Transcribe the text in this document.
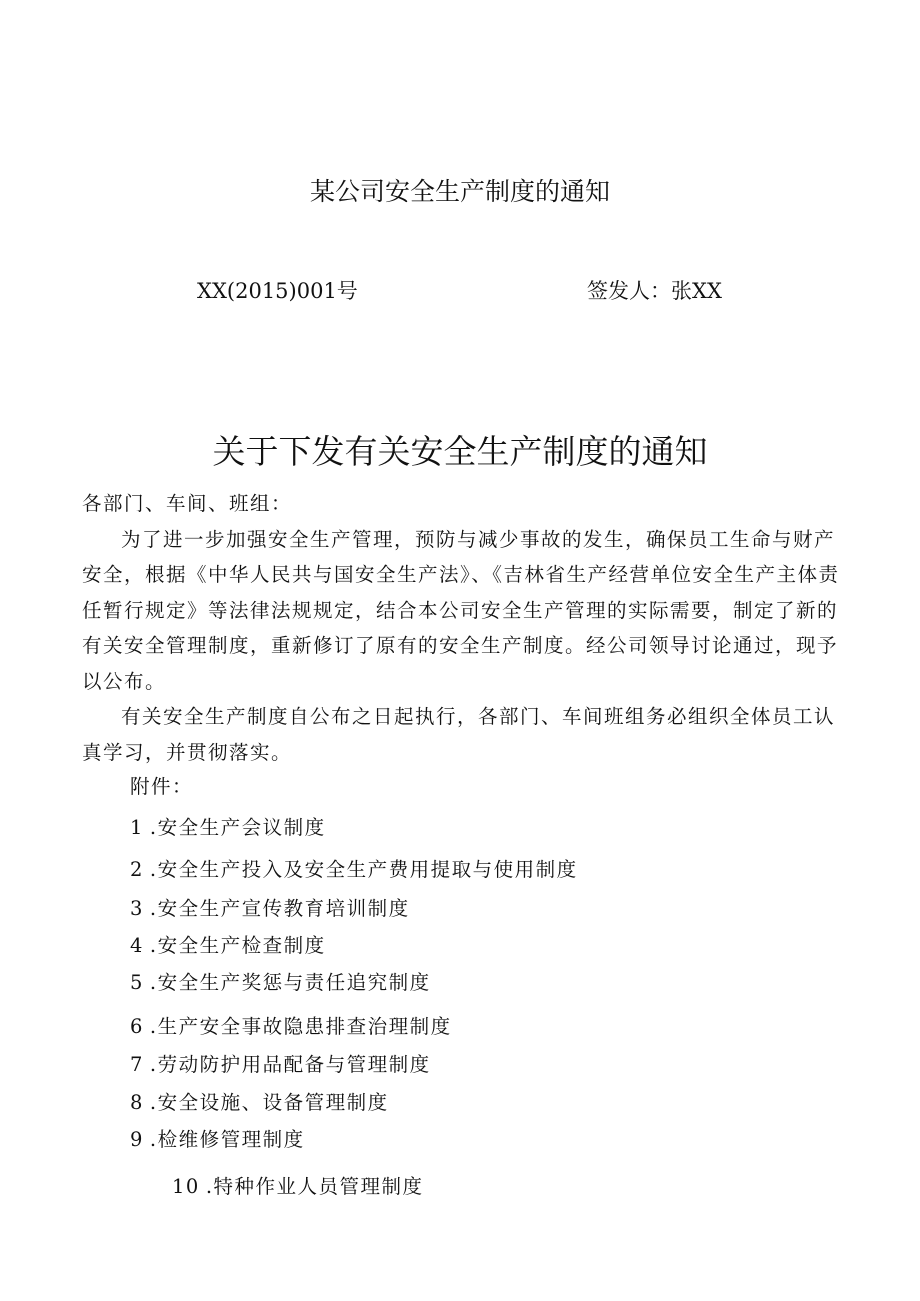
某公司安全生产制度的通知
XX(2015)001号	签发人：张XX
关于下发有关安全生产制度的通知

各部门、车间、班组：

为了进一步加强安全生产管理，预防与减少事故的发生，确保员工生命与财产安全，根据《中华人民共与国安全生产法》、《吉林省生产经营单位安全生产主体责任暂行规定》等法律法规规定，结合本公司安全生产管理的实际需要，制定了新的有关安全管理制度，重新修订了原有的安全生产制度。经公司领导讨论通过，现予以公布。

有关安全生产制度自公布之日起执行，各部门、车间班组务必组织全体员工认真学习，并贯彻落实。

附件：
1 .安全生产会议制度
2 .安全生产投入及安全生产费用提取与使用制度
3 .安全生产宣传教育培训制度
4 .安全生产检查制度
5 .安全生产奖惩与责任追究制度
6 .生产安全事故隐患排查治理制度
7 .劳动防护用品配备与管理制度
8 .安全设施、设备管理制度
9 .检维修管理制度
10 .特种作业人员管理制度
